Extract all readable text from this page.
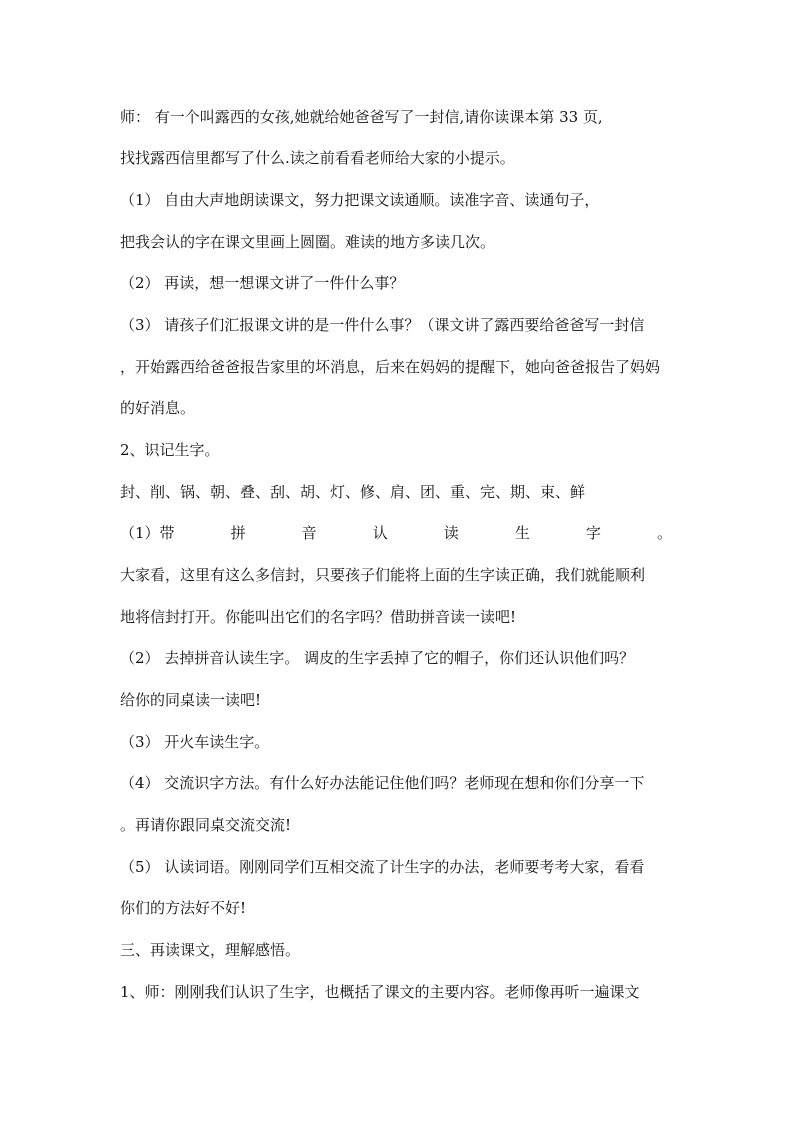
师： 有一个叫露西的女孩,她就给她爸爸写了一封信,请你读课本第 33 页,
找找露西信里都写了什么.读之前看看老师给大家的小提示。
（1） 自由大声地朗读课文，努力把课文读通顺。读准字音、读通句子，
把我会认的字在课文里画上圆圈。难读的地方多读几次。
（2） 再读，想一想课文讲了一件什么事？
（3） 请孩子们汇报课文讲的是一件什么事？（课文讲了露西要给爸爸写一封信
，开始露西给爸爸报告家里的坏消息，后来在妈妈的提醒下，她向爸爸报告了妈妈
的好消息。
2、识记生字。
封、削、锅、朝、叠、刮、胡、灯、修、肩、团、重、完、期、束、鲜
（1）带	拼	音	认	读	生	字	。
大家看，这里有这么多信封，只要孩子们能将上面的生字读正确，我们就能顺利
地将信封打开。你能叫出它们的名字吗？借助拼音读一读吧!
（2） 去掉拼音认读生字。 调皮的生字丢掉了它的帽子，你们还认识他们吗？
给你的同桌读一读吧!
（3） 开火车读生字。
（4） 交流识字方法。有什么好办法能记住他们吗？老师现在想和你们分享一下
。再请你跟同桌交流交流!
（5） 认读词语。刚刚同学们互相交流了计生字的办法，老师要考考大家，看看
你们的方法好不好!
三、再读课文，理解感悟。
1、师：刚刚我们认识了生字，也概括了课文的主要内容。老师像再听一遍课文
